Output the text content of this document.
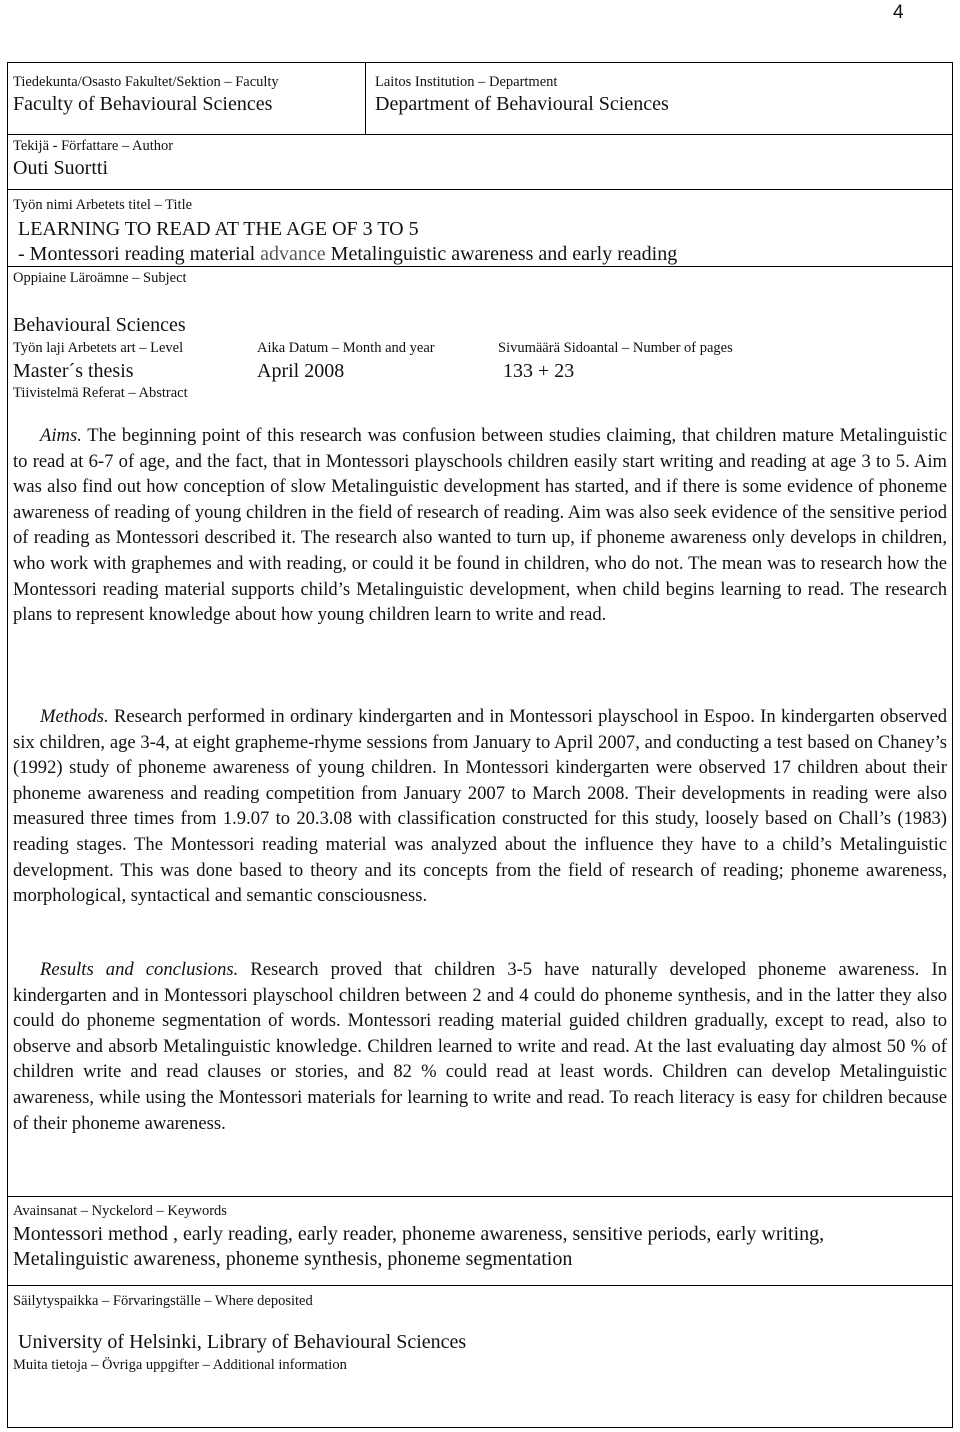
4
Tiedekunta/Osasto Fakultet/Sektion – Faculty
Faculty of Behavioural Sciences
Laitos Institution – Department
Department of Behavioural Sciences
Tekijä - Författare – Author
Outi Suortti
Työn nimi Arbetets titel – Title
LEARNING TO READ AT THE AGE OF 3 TO 5
- Montessori reading material advance Metalinguistic awareness and early reading
Oppiaine Läroämne – Subject
Behavioural Sciences
Työn laji Arbetets art – Level
Master´s thesis
Aika Datum – Month and year
April 2008
Sivumäärä Sidoantal – Number of pages
133 + 23
Tiivistelmä Referat – Abstract
Aims. The beginning point of this research was confusion between studies claiming, that children mature Metalinguistic to read at 6-7 of age, and the fact, that in Montessori playschools children easily start writing and reading at age 3 to 5. Aim was also find out how conception of slow Metalinguistic development has started, and if there is some evidence of phoneme awareness of reading of young children in the field of research of reading. Aim was also seek evidence of the sensitive period of reading as Montessori described it. The research also wanted to turn up, if phoneme awareness only develops in children, who work with graphemes and with reading, or could it be found in children, who do not. The mean was to research how the Montessori reading material supports child’s Metalinguistic development, when child begins learning to read. The research plans to represent knowledge about how young children learn to write and read.
Methods. Research performed in ordinary kindergarten and in Montessori playschool in Espoo. In kindergarten observed six children, age 3-4, at eight grapheme-rhyme sessions from January to April 2007, and conducting a test based on Chaney’s (1992) study of phoneme awareness of young children. In Montessori kindergarten were observed 17 children about their phoneme awareness and reading competition from January 2007 to March 2008. Their developments in reading were also measured three times from 1.9.07 to 20.3.08 with classification constructed for this study, loosely based on Chall’s (1983) reading stages. The Montessori reading material was analyzed about the influence they have to a child’s Metalinguistic development. This was done based to theory and its concepts from the field of research of reading; phoneme awareness, morphological, syntactical and semantic consciousness.
Results and conclusions. Research proved that children 3-5 have naturally developed phoneme awareness. In kindergarten and in Montessori playschool children between 2 and 4 could do phoneme synthesis, and in the latter they also could do phoneme segmentation of words. Montessori reading material guided children gradually, except to read, also to observe and absorb Metalinguistic knowledge. Children learned to write and read. At the last evaluating day almost 50 % of children write and read clauses or stories, and 82 % could read at least words. Children can develop Metalinguistic awareness, while using the Montessori materials for learning to write and read. To reach literacy is easy for children because of their phoneme awareness.
Avainsanat – Nyckelord – Keywords
Montessori method , early reading, early reader, phoneme awareness, sensitive periods, early writing,
Metalinguistic awareness, phoneme synthesis, phoneme segmentation
Säilytyspaikka – Förvaringställe – Where deposited
University of Helsinki, Library of Behavioural Sciences
Muita tietoja – Övriga uppgifter – Additional information
